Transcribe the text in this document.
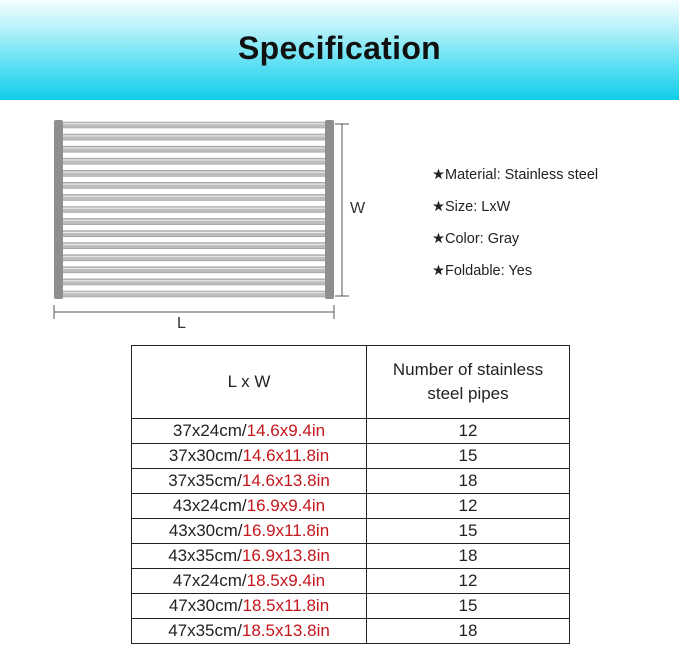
Specification
W
L
★Material: Stainless steel
★Size: LxW
★Color: Gray
★Foldable: Yes
L x W	Number of stainless
steel pipes
37x24cm/14.6x9.4in	12
37x30cm/14.6x11.8in	15
37x35cm/14.6x13.8in	18
43x24cm/16.9x9.4in	12
43x30cm/16.9x11.8in	15
43x35cm/16.9x13.8in	18
47x24cm/18.5x9.4in	12
47x30cm/18.5x11.8in	15
47x35cm/18.5x13.8in	18
